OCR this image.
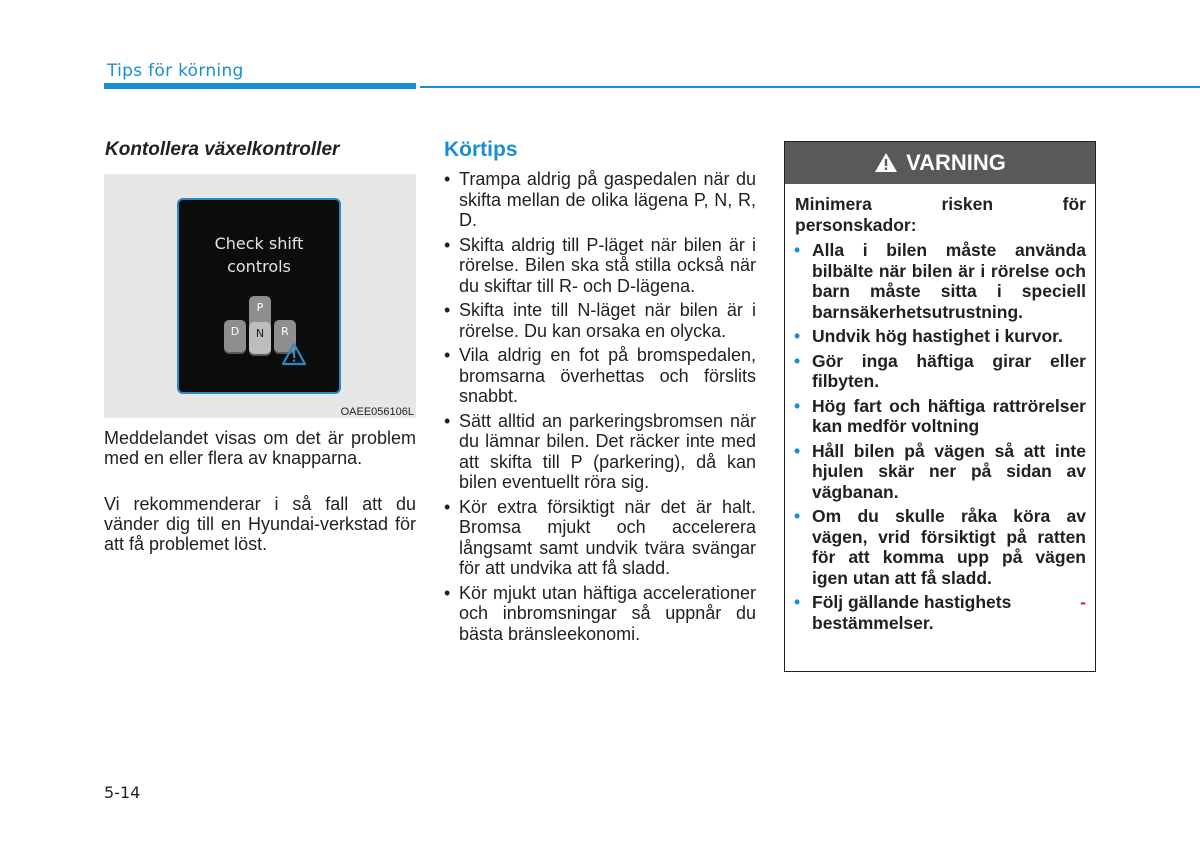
Tips för körning
Kontollera växelkontroller
Check shift
controls
P
D	N	R
OAEE056106L
Meddelandet visas om det är problem med en eller flera av knapparna.
Vi rekommenderar i så fall att du vänder dig till en Hyundai-verkstad för att få problemet löst.
Körtips
• Trampa aldrig på gaspedalen när du skifta mellan de olika lägena P, N, R, D.
• Skifta aldrig till P-läget när bilen är i rörelse. Bilen ska stå stilla också när du skiftar till R- och D-lägena.
• Skifta inte till N-läget när bilen är i rörelse. Du kan orsaka en olycka.
• Vila aldrig en fot på bromspedalen, bromsarna överhettas och förslits snabbt.
• Sätt alltid an parkeringsbromsen när du lämnar bilen. Det räcker inte med att skifta till P (parkering), då kan bilen eventuellt röra sig.
• Kör extra försiktigt när det är halt. Bromsa mjukt och accelerera långsamt samt undvik tvära svängar för att undvika att få sladd.
• Kör mjukt utan häftiga accelerationer och inbromsningar så uppnår du bästa bränsleekonomi.
VARNING
Minimera risken för
personskador:
• Alla i bilen måste använda bilbälte när bilen är i rörelse och barn måste sitta i speciell barnsäkerhetsutrustning.
• Undvik hög hastighet i kurvor.
• Gör inga häftiga girar eller filbyten.
• Hög fart och häftiga rattrörelser kan medför voltning
• Håll bilen på vägen så att inte hjulen skär ner på sidan av vägbanan.
• Om du skulle råka köra av vägen, vrid försiktigt på ratten för att komma upp på vägen igen utan att få sladd.
• Följ gällande hastighets	-
bestämmelser.
5-14
